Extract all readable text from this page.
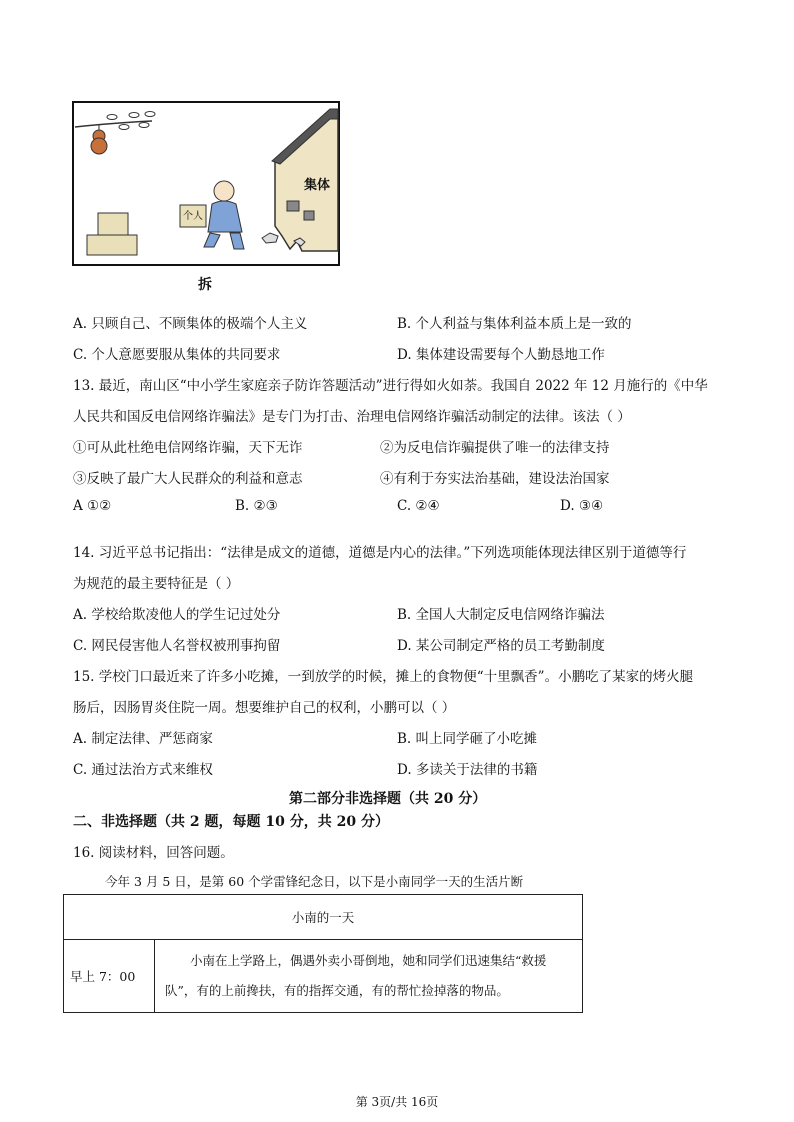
集体
个人
拆
A. 只顾自己、不顾集体的极端个人主义	B. 个人利益与集体利益本质上是一致的
C. 个人意愿要服从集体的共同要求	D. 集体建设需要每个人勤恳地工作
13. 最近，南山区“中小学生家庭亲子防诈答题活动”进行得如火如荼。我国自 2022 年 12 月施行的《中华
人民共和国反电信网络诈骗法》是专门为打击、治理电信网络诈骗活动制定的法律。该法（ ）
①可从此杜绝电信网络诈骗，天下无诈	②为反电信诈骗提供了唯一的法律支持
③反映了最广大人民群众的利益和意志	④有利于夯实法治基础，建设法治国家
A ①②	B. ②③	C. ②④	D. ③④
14. 习近平总书记指出：“法律是成文的道德，道德是内心的法律。”下列选项能体现法律区别于道德等行
为规范的最主要特征是（ ）
A. 学校给欺凌他人的学生记过处分	B. 全国人大制定反电信网络诈骗法
C. 网民侵害他人名誉权被刑事拘留	D. 某公司制定严格的员工考勤制度
15. 学校门口最近来了许多小吃摊，一到放学的时候，摊上的食物便“十里飘香”。小鹏吃了某家的烤火腿
肠后，因肠胃炎住院一周。想要维护自己的权利，小鹏可以（ ）
A. 制定法律、严惩商家	B. 叫上同学砸了小吃摊
C. 通过法治方式来维权	D. 多读关于法律的书籍
第二部分非选择题（共 20 分）
二、非选择题（共 2 题，每题 10 分，共 20 分）
16. 阅读材料，回答问题。
今年 3 月 5 日，是第 60 个学雷锋纪念日，以下是小南同学一天的生活片断
小南的一天
早上 7：00	小南在上学路上，偶遇外卖小哥倒地，她和同学们迅速集结“救援队”，有的上前搀扶，有的指挥交通，有的帮忙捡掉落的物品。
第 3页/共 16页
